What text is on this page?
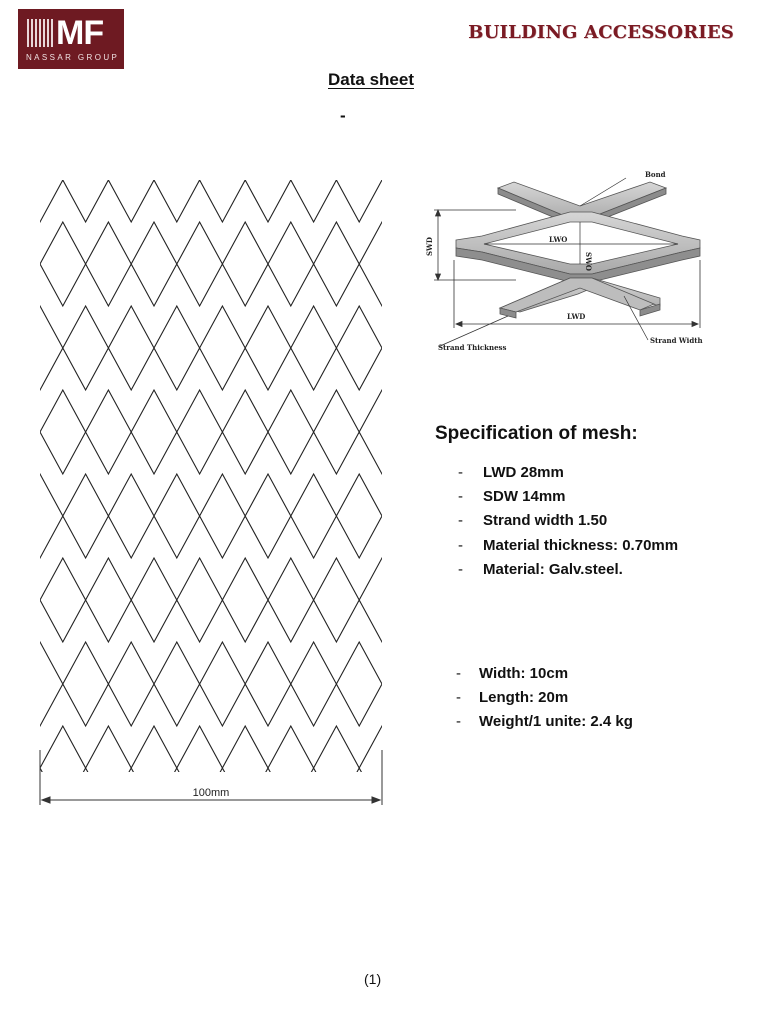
MF
NASSAR GROUP
BUILDING ACCESSORIES
Data sheet
-
100mm
Bond
LWO
SWO
SWD
LWD
Strand Thickness
Strand Width
Specification of mesh:
- LWD 28mm
- SDW 14mm
- Strand width 1.50
- Material thickness: 0.70mm
- Material: Galv.steel.
- Width: 10cm
- Length: 20m
- Weight/1 unite: 2.4 kg
(1)
